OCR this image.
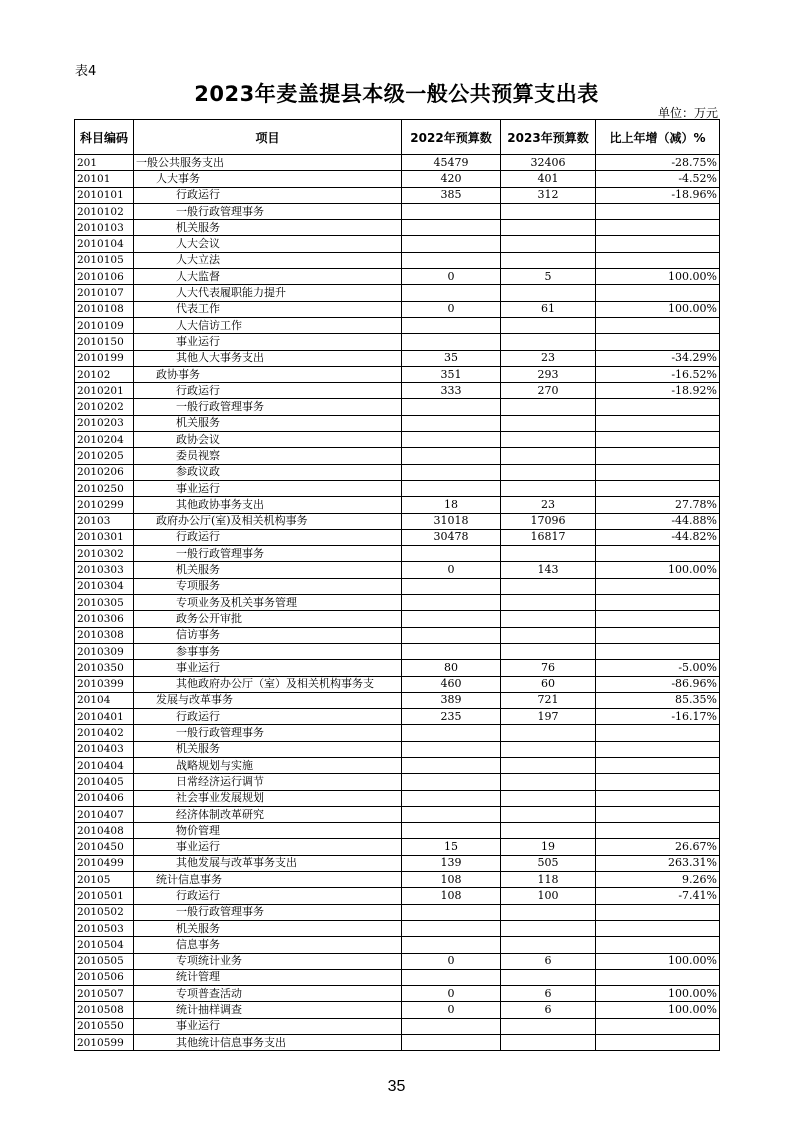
表4
2023年麦盖提县本级一般公共预算支出表
单位：万元
科目编码	项目	2022年预算数	2023年预算数	比上年增（减）%
201	一般公共服务支出	45479	32406	-28.75%
20101	人大事务	420	401	-4.52%
2010101	行政运行	385	312	-18.96%
2010102	一般行政管理事务			
2010103	机关服务			
2010104	人大会议			
2010105	人大立法			
2010106	人大监督	0	5	100.00%
2010107	人大代表履职能力提升			
2010108	代表工作	0	61	100.00%
2010109	人大信访工作			
2010150	事业运行			
2010199	其他人大事务支出	35	23	-34.29%
20102	政协事务	351	293	-16.52%
2010201	行政运行	333	270	-18.92%
2010202	一般行政管理事务			
2010203	机关服务			
2010204	政协会议			
2010205	委员视察			
2010206	参政议政			
2010250	事业运行			
2010299	其他政协事务支出	18	23	27.78%
20103	政府办公厅(室)及相关机构事务	31018	17096	-44.88%
2010301	行政运行	30478	16817	-44.82%
2010302	一般行政管理事务			
2010303	机关服务	0	143	100.00%
2010304	专项服务			
2010305	专项业务及机关事务管理			
2010306	政务公开审批			
2010308	信访事务			
2010309	参事事务			
2010350	事业运行	80	76	-5.00%
2010399	其他政府办公厅（室）及相关机构事务支	460	60	-86.96%
20104	发展与改革事务	389	721	85.35%
2010401	行政运行	235	197	-16.17%
2010402	一般行政管理事务			
2010403	机关服务			
2010404	战略规划与实施			
2010405	日常经济运行调节			
2010406	社会事业发展规划			
2010407	经济体制改革研究			
2010408	物价管理			
2010450	事业运行	15	19	26.67%
2010499	其他发展与改革事务支出	139	505	263.31%
20105	统计信息事务	108	118	9.26%
2010501	行政运行	108	100	-7.41%
2010502	一般行政管理事务			
2010503	机关服务			
2010504	信息事务			
2010505	专项统计业务	0	6	100.00%
2010506	统计管理			
2010507	专项普查活动	0	6	100.00%
2010508	统计抽样调查	0	6	100.00%
2010550	事业运行			
2010599	其他统计信息事务支出			
35
